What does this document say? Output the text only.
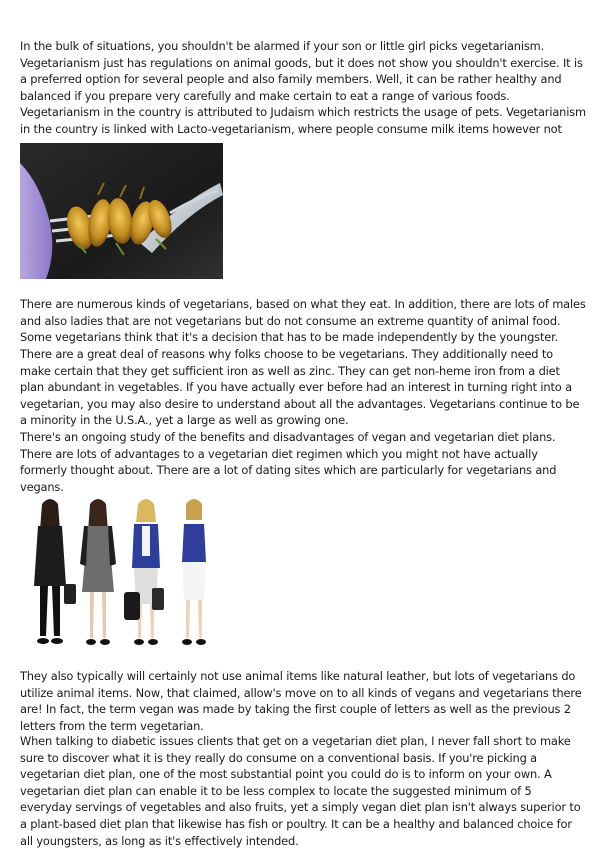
In the bulk of situations, you shouldn't be alarmed if your son or little girl picks vegetarianism. Vegetarianism just has regulations on animal goods, but it does not show you shouldn't exercise. It is a preferred option for several people and also family members. Well, it can be rather healthy and balanced if you prepare very carefully and make certain to eat a range of various foods. Vegetarianism in the country is attributed to Judaism which restricts the usage of pets. Vegetarianism in the country is linked with Lacto-vegetarianism, where people consume milk items however not

There are numerous kinds of vegetarians, based on what they eat. In addition, there are lots of males and also ladies that are not vegetarians but do not consume an extreme quantity of animal food. Some vegetarians think that it's a decision that has to be made independently by the youngster.

There are a great deal of reasons why folks choose to be vegetarians. They additionally need to make certain that they get sufficient iron as well as zinc. They can get non-heme iron from a diet plan abundant in vegetables. If you have actually ever before had an interest in turning right into a vegetarian, you may also desire to understand about all the advantages. Vegetarians continue to be a minority in the U.S.A., yet a large as well as growing one.

There's an ongoing study of the benefits and disadvantages of vegan and vegetarian diet plans. There are lots of advantages to a vegetarian diet regimen which you might not have actually formerly thought about. There are a lot of dating sites which are particularly for vegetarians and vegans.

They also typically will certainly not use animal items like natural leather, but lots of vegetarians do utilize animal items. Now, that claimed, allow's move on to all kinds of vegans and vegetarians there are! In fact, the term vegan was made by taking the first couple of letters as well as the previous 2 letters from the term vegetarian.

When talking to diabetic issues clients that get on a vegetarian diet plan, I never fall short to make sure to discover what it is they really do consume on a conventional basis. If you're picking a vegetarian diet plan, one of the most substantial point you could do is to inform on your own. A vegetarian diet plan can enable it to be less complex to locate the suggested minimum of 5 everyday servings of vegetables and also fruits, yet a simply vegan diet plan isn't always superior to a plant-based diet plan that likewise has fish or poultry. It can be a healthy and balanced choice for all youngsters, as long as it's effectively intended.
